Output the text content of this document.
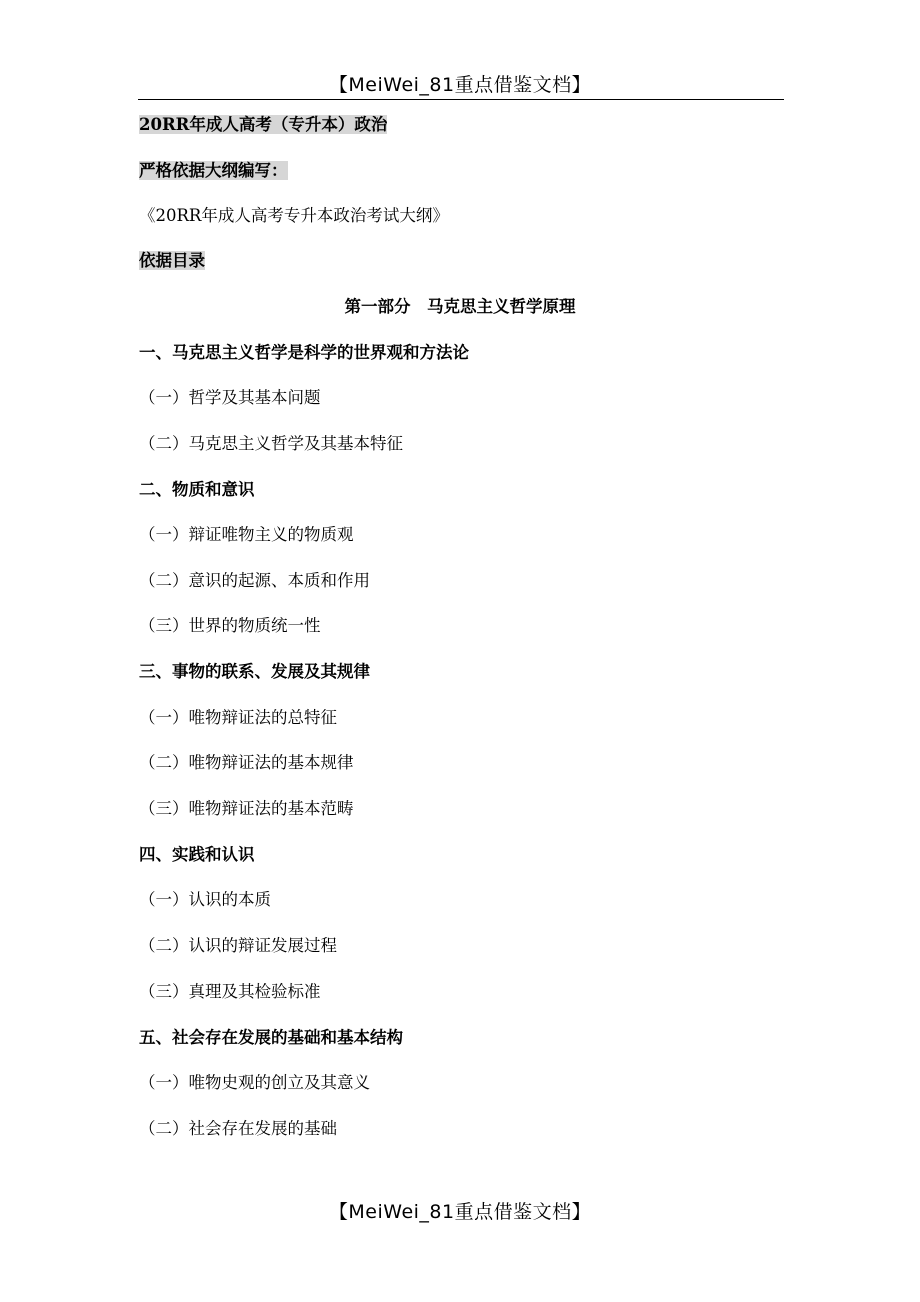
【MeiWei_81重点借鉴文档】
20RR年成人高考（专升本）政治
严格依据大纲编写：
《20RR年成人高考专升本政治考试大纲》
依据目录
第一部分　马克思主义哲学原理
一、马克思主义哲学是科学的世界观和方法论
（一）哲学及其基本问题
（二）马克思主义哲学及其基本特征
二、物质和意识
（一）辩证唯物主义的物质观
（二）意识的起源、本质和作用
（三）世界的物质统一性
三、事物的联系、发展及其规律
（一）唯物辩证法的总特征
（二）唯物辩证法的基本规律
（三）唯物辩证法的基本范畴
四、实践和认识
（一）认识的本质
（二）认识的辩证发展过程
（三）真理及其检验标准
五、社会存在发展的基础和基本结构
（一）唯物史观的创立及其意义
（二）社会存在发展的基础
【MeiWei_81重点借鉴文档】
